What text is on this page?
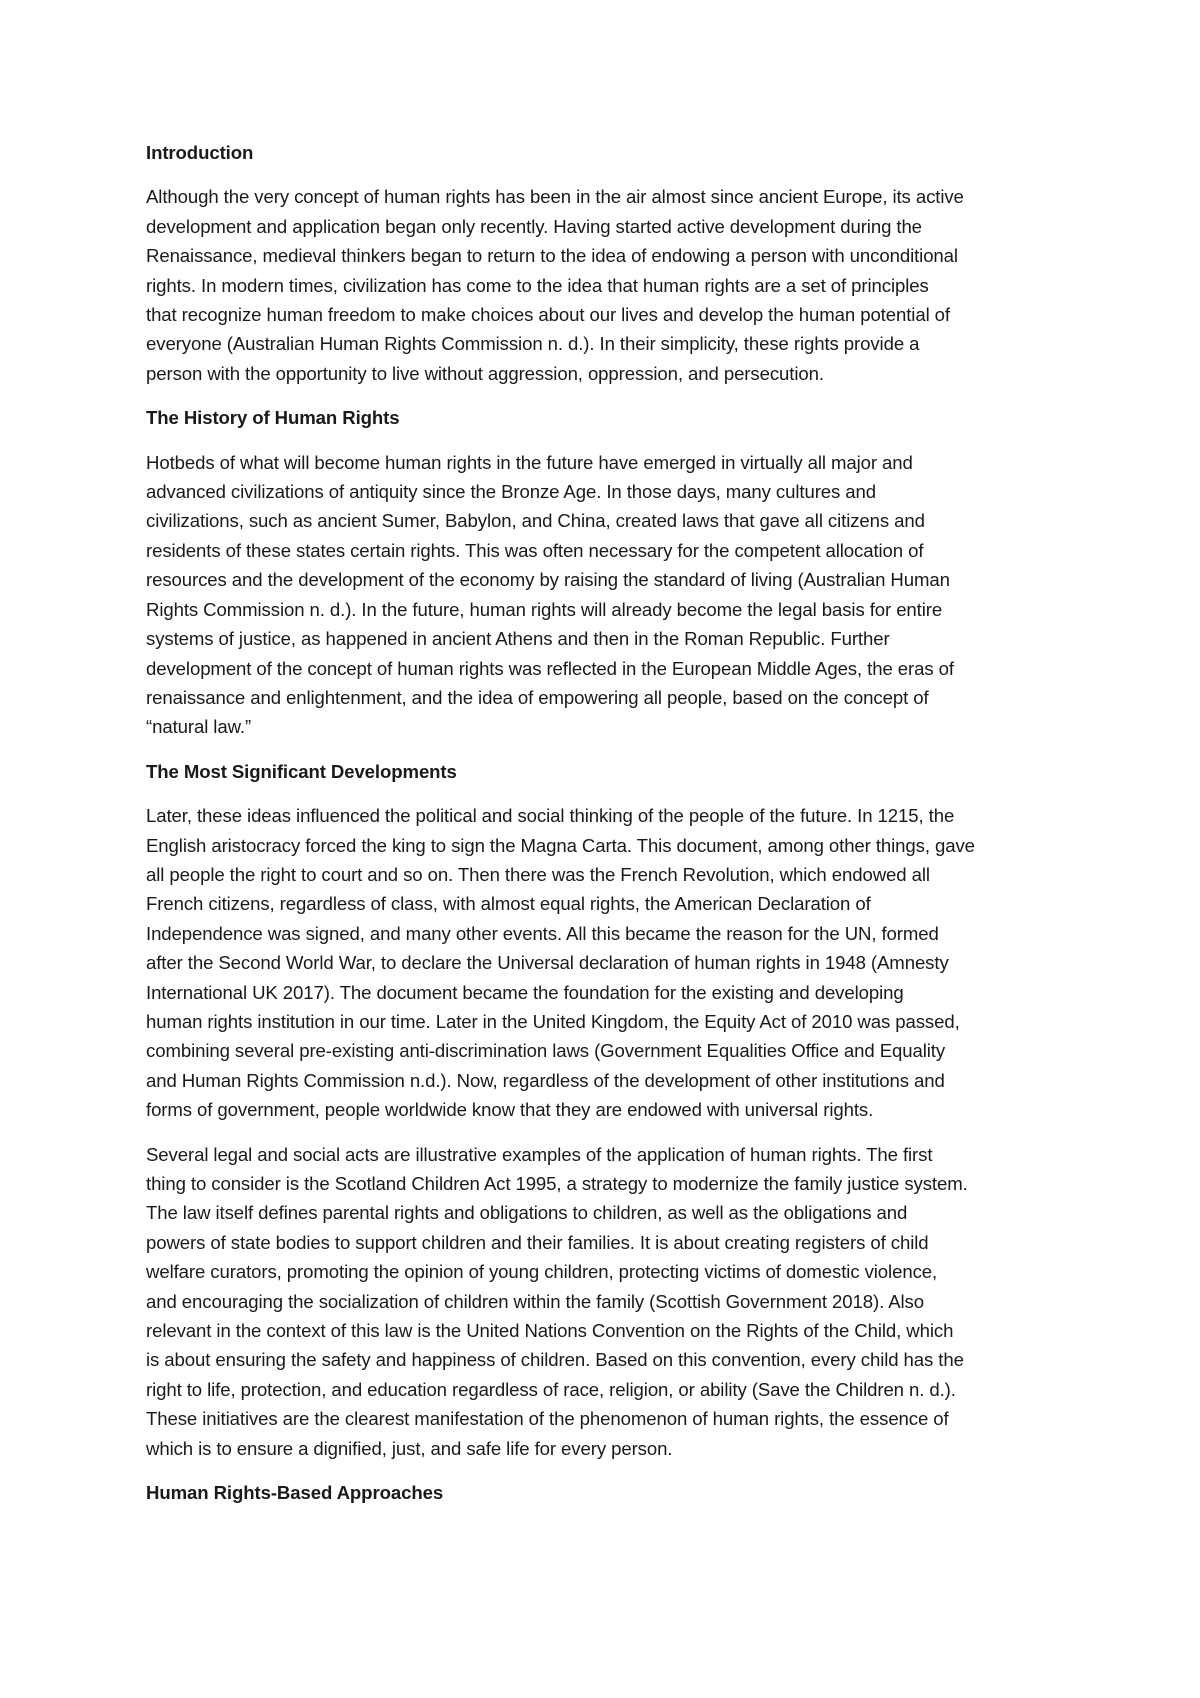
Introduction
Although the very concept of human rights has been in the air almost since ancient Europe, its active
development and application began only recently. Having started active development during the
Renaissance, medieval thinkers began to return to the idea of endowing a person with unconditional
rights. In modern times, civilization has come to the idea that human rights are a set of principles
that recognize human freedom to make choices about our lives and develop the human potential of
everyone (Australian Human Rights Commission n. d.). In their simplicity, these rights provide a
person with the opportunity to live without aggression, oppression, and persecution.
The History of Human Rights
Hotbeds of what will become human rights in the future have emerged in virtually all major and
advanced civilizations of antiquity since the Bronze Age. In those days, many cultures and
civilizations, such as ancient Sumer, Babylon, and China, created laws that gave all citizens and
residents of these states certain rights. This was often necessary for the competent allocation of
resources and the development of the economy by raising the standard of living (Australian Human
Rights Commission n. d.). In the future, human rights will already become the legal basis for entire
systems of justice, as happened in ancient Athens and then in the Roman Republic. Further
development of the concept of human rights was reflected in the European Middle Ages, the eras of
renaissance and enlightenment, and the idea of empowering all people, based on the concept of
“natural law.”
The Most Significant Developments
Later, these ideas influenced the political and social thinking of the people of the future. In 1215, the
English aristocracy forced the king to sign the Magna Carta. This document, among other things, gave
all people the right to court and so on. Then there was the French Revolution, which endowed all
French citizens, regardless of class, with almost equal rights, the American Declaration of
Independence was signed, and many other events. All this became the reason for the UN, formed
after the Second World War, to declare the Universal declaration of human rights in 1948 (Amnesty
International UK 2017). The document became the foundation for the existing and developing
human rights institution in our time. Later in the United Kingdom, the Equity Act of 2010 was passed,
combining several pre-existing anti-discrimination laws (Government Equalities Office and Equality
and Human Rights Commission n.d.). Now, regardless of the development of other institutions and
forms of government, people worldwide know that they are endowed with universal rights.
Several legal and social acts are illustrative examples of the application of human rights. The first
thing to consider is the Scotland Children Act 1995, a strategy to modernize the family justice system.
The law itself defines parental rights and obligations to children, as well as the obligations and
powers of state bodies to support children and their families. It is about creating registers of child
welfare curators, promoting the opinion of young children, protecting victims of domestic violence,
and encouraging the socialization of children within the family (Scottish Government 2018). Also
relevant in the context of this law is the United Nations Convention on the Rights of the Child, which
is about ensuring the safety and happiness of children. Based on this convention, every child has the
right to life, protection, and education regardless of race, religion, or ability (Save the Children n. d.).
These initiatives are the clearest manifestation of the phenomenon of human rights, the essence of
which is to ensure a dignified, just, and safe life for every person.
Human Rights-Based Approaches
